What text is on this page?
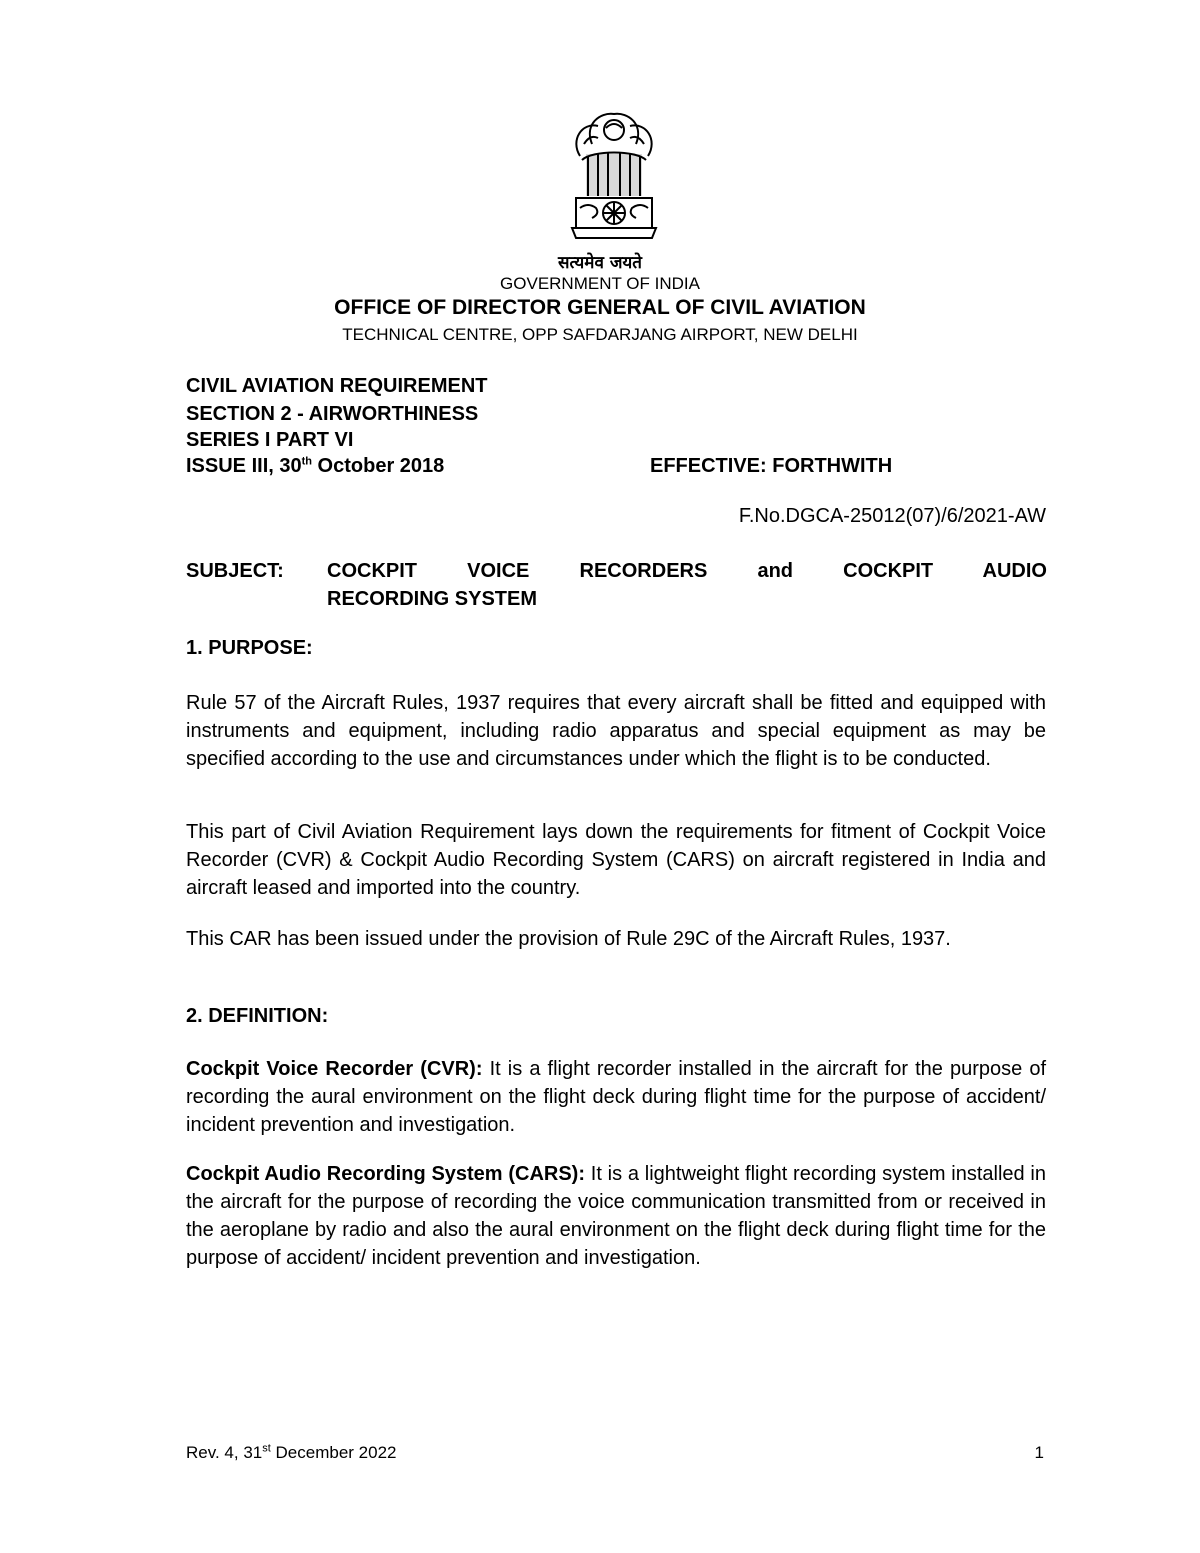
सत्यमेव जयते
GOVERNMENT OF INDIA
OFFICE OF DIRECTOR GENERAL OF CIVIL AVIATION
TECHNICAL CENTRE, OPP SAFDARJANG AIRPORT, NEW DELHI
CIVIL AVIATION REQUIREMENT
SECTION 2 - AIRWORTHINESS
SERIES I PART VI
ISSUE III, 30th October 2018	EFFECTIVE: FORTHWITH
F.No.DGCA-25012(07)/6/2021-AW
SUBJECT: COCKPIT VOICE RECORDERS and COCKPIT AUDIO
RECORDING SYSTEM
1. PURPOSE:
Rule 57 of the Aircraft Rules, 1937 requires that every aircraft shall be fitted and equipped with instruments and equipment, including radio apparatus and special equipment as may be specified according to the use and circumstances under which the flight is to be conducted.
This part of Civil Aviation Requirement lays down the requirements for fitment of Cockpit Voice Recorder (CVR) & Cockpit Audio Recording System (CARS) on aircraft registered in India and aircraft leased and imported into the country.
This CAR has been issued under the provision of Rule 29C of the Aircraft Rules, 1937.
2. DEFINITION:
Cockpit Voice Recorder (CVR): It is a flight recorder installed in the aircraft for the purpose of recording the aural environment on the flight deck during flight time for the purpose of accident/ incident prevention and investigation.
Cockpit Audio Recording System (CARS): It is a lightweight flight recording system installed in the aircraft for the purpose of recording the voice communication transmitted from or received in the aeroplane by radio and also the aural environment on the flight deck during flight time for the purpose of accident/ incident prevention and investigation.
Rev. 4, 31st December 2022	1
